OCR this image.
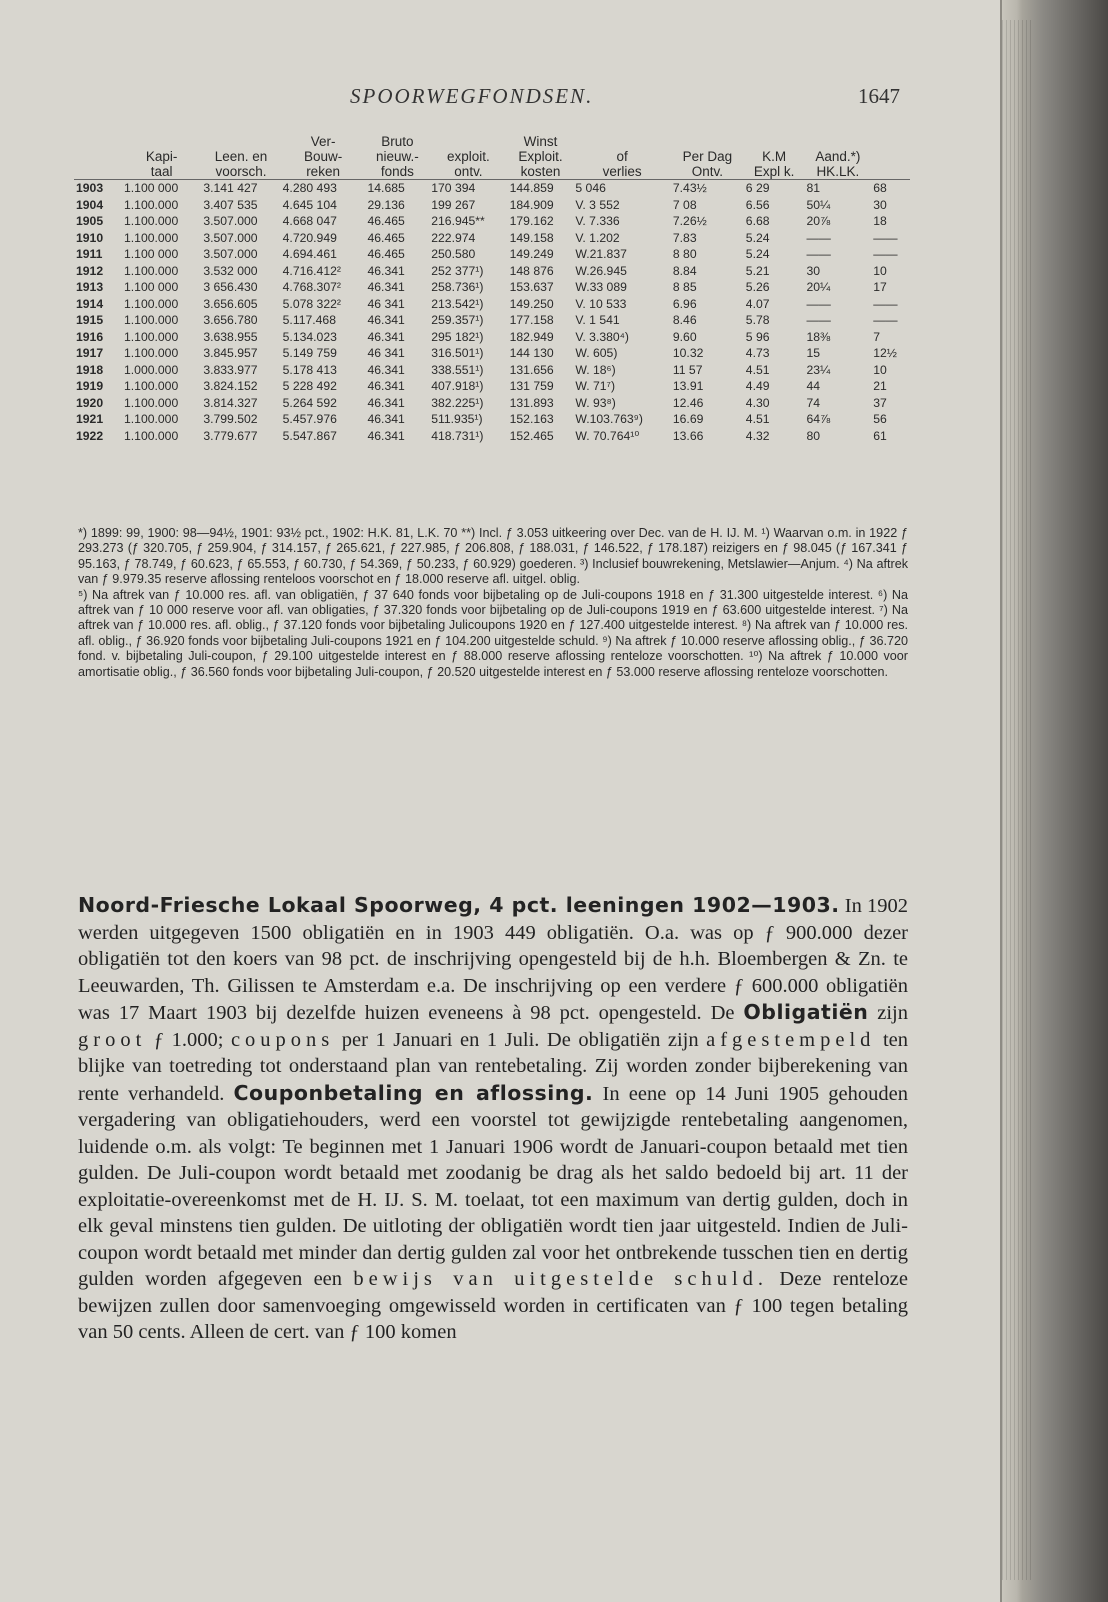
SPOORWEGFONDSEN.	1647
			Ver-	Bruto		Winst					
	Kapi-	Leen. en	Bouw-	nieuw.-	exploit.	Exploit.	of	Per Dag	K.M	Aand.*)	
	taal	voorsch.	reken	fonds	ontv.	kosten	verlies	Ontv.	Expl k.	HK.LK.	
1903	1.100 000	3.141 427	4.280 493	14.685	170 394	144.859	5 046	7.43½	6 29	81	68
1904	1.100.000	3.407 535	4.645 104	29.136	199 267	184.909	V. 3 552	7 08	6.56	50¼	30
1905	1.100.000	3.507.000	4.668 047	46.465	216.945**	179.162	V. 7.336	7.26½	6.68	20⅞	18
1910	1.100.000	3.507.000	4.720.949	46.465	222.974	149.158	V. 1.202	7.83	5.24	——	——
1911	1.100 000	3.507.000	4.694.461	46.465	250.580	149.249	W.21.837	8 80	5.24	——	——
1912	1.100.000	3.532 000	4.716.412²	46.341	252 377¹)	148 876	W.26.945	8.84	5.21	30	10
1913	1.100 000	3 656.430	4.768.307²	46.341	258.736¹)	153.637	W.33 089	8 85	5.26	20¼	17
1914	1.100.000	3.656.605	5.078 322²	46 341	213.542¹)	149.250	V. 10 533	6.96	4.07	——	——
1915	1.100.000	3.656.780	5.117.468	46.341	259.357¹)	177.158	V. 1 541	8.46	5.78	——	——
1916	1.100.000	3.638.955	5.134.023	46.341	295 182¹)	182.949	V. 3.380⁴)	9.60	5 96	18⅜	7
1917	1.100.000	3.845.957	5.149 759	46 341	316.501¹)	144 130	W. 605)	10.32	4.73	15	12½
1918	1.000.000	3.833.977	5.178 413	46.341	338.551¹)	131.656	W. 18⁶)	11 57	4.51	23¼	10
1919	1.100.000	3.824.152	5 228 492	46.341	407.918¹)	131 759	W. 71⁷)	13.91	4.49	44	21
1920	1.100.000	3.814.327	5.264 592	46.341	382.225¹)	131.893	W. 93⁸)	12.46	4.30	74	37
1921	1.100.000	3.799.502	5.457.976	46.341	511.935¹)	152.163	W.103.763⁹)	16.69	4.51	64⅞	56
1922	1.100.000	3.779.677	5.547.867	46.341	418.731¹)	152.465	W. 70.764¹⁰	13.66	4.32	80	61

*) 1899: 99, 1900: 98—94½, 1901: 93½ pct., 1902: H.K. 81, L.K. 70 **) Incl. ƒ 3.053 uitkeering over Dec. van de H. IJ. M. ¹) Waarvan o.m. in 1922 ƒ 293.273 (ƒ 320.705, ƒ 259.904, ƒ 314.157, ƒ 265.621, ƒ 227.985, ƒ 206.808, ƒ 188.031, ƒ 146.522, ƒ 178.187) reizigers en ƒ 98.045 (ƒ 167.341 ƒ 95.163, ƒ 78.749, ƒ 60.623, ƒ 65.553, ƒ 60.730, ƒ 54.369, ƒ 50.233, ƒ 60.929) goederen. ³) Inclusief bouwrekening, Metslawier—Anjum. ⁴) Na aftrek van ƒ 9.979.35 reserve aflossing renteloos voorschot en ƒ 18.000 reserve afl. uitgel. oblig.

⁵) Na aftrek van ƒ 10.000 res. afl. van obligatiën, ƒ 37 640 fonds voor bijbetaling op de Juli-coupons 1918 en ƒ 31.300 uitgestelde interest. ⁶) Na aftrek van ƒ 10 000 reserve voor afl. van obligaties, ƒ 37.320 fonds voor bijbetaling op de Juli-coupons 1919 en ƒ 63.600 uitgestelde interest. ⁷) Na aftrek van ƒ 10.000 res. afl. oblig., ƒ 37.120 fonds voor bijbetaling Julicoupons 1920 en ƒ 127.400 uitgestelde interest. ⁸) Na aftrek van ƒ 10.000 res. afl. oblig., ƒ 36.920 fonds voor bijbetaling Juli-coupons 1921 en ƒ 104.200 uitgestelde schuld. ⁹) Na aftrek ƒ 10.000 reserve aflossing oblig., ƒ 36.720 fond. v. bijbetaling Juli-coupon, ƒ 29.100 uitgestelde interest en ƒ 88.000 reserve aflossing renteloze voorschotten. ¹⁰) Na aftrek ƒ 10.000 voor amortisatie oblig., ƒ 36.560 fonds voor bijbetaling Juli-coupon, ƒ 20.520 uitgestelde interest en ƒ 53.000 reserve aflossing renteloze voorschotten.

Noord-Friesche Lokaal Spoorweg, 4 pct. leeningen 1902—1903. In 1902 werden uitgegeven 1500 obligatiën en in 1903 449 obligatiën. O.a. was op ƒ 900.000 dezer obligatiën tot den koers van 98 pct. de inschrijving opengesteld bij de h.h. Bloembergen & Zn. te Leeuwarden, Th. Gilissen te Amsterdam e.a. De inschrijving op een verdere ƒ 600.000 obligatiën was 17 Maart 1903 bij dezelfde huizen eveneens à 98 pct. opengesteld. De Obligatiën zijn groot ƒ 1.000; coupons per 1 Januari en 1 Juli. De obligatiën zijn afgestempeld ten blijke van toetreding tot onderstaand plan van rentebetaling. Zij worden zonder bijberekening van rente verhandeld. Couponbetaling en aflossing. In eene op 14 Juni 1905 gehouden vergadering van obligatiehouders, werd een voorstel tot gewijzigde rentebetaling aangenomen, luidende o.m. als volgt: Te beginnen met 1 Januari 1906 wordt de Januari-coupon betaald met tien gulden. De Juli-coupon wordt betaald met zoodanig be drag als het saldo bedoeld bij art. 11 der exploitatie-overeenkomst met de H. IJ. S. M. toelaat, tot een maximum van dertig gulden, doch in elk geval minstens tien gulden. De uitloting der obligatiën wordt tien jaar uitgesteld. Indien de Juli-coupon wordt betaald met minder dan dertig gulden zal voor het ontbrekende tusschen tien en dertig gulden worden afgegeven een bewijs van uitgestelde schuld. Deze renteloze bewijzen zullen door samenvoeging omgewisseld worden in certificaten van ƒ 100 tegen betaling van 50 cents. Alleen de cert. van ƒ 100 komen
